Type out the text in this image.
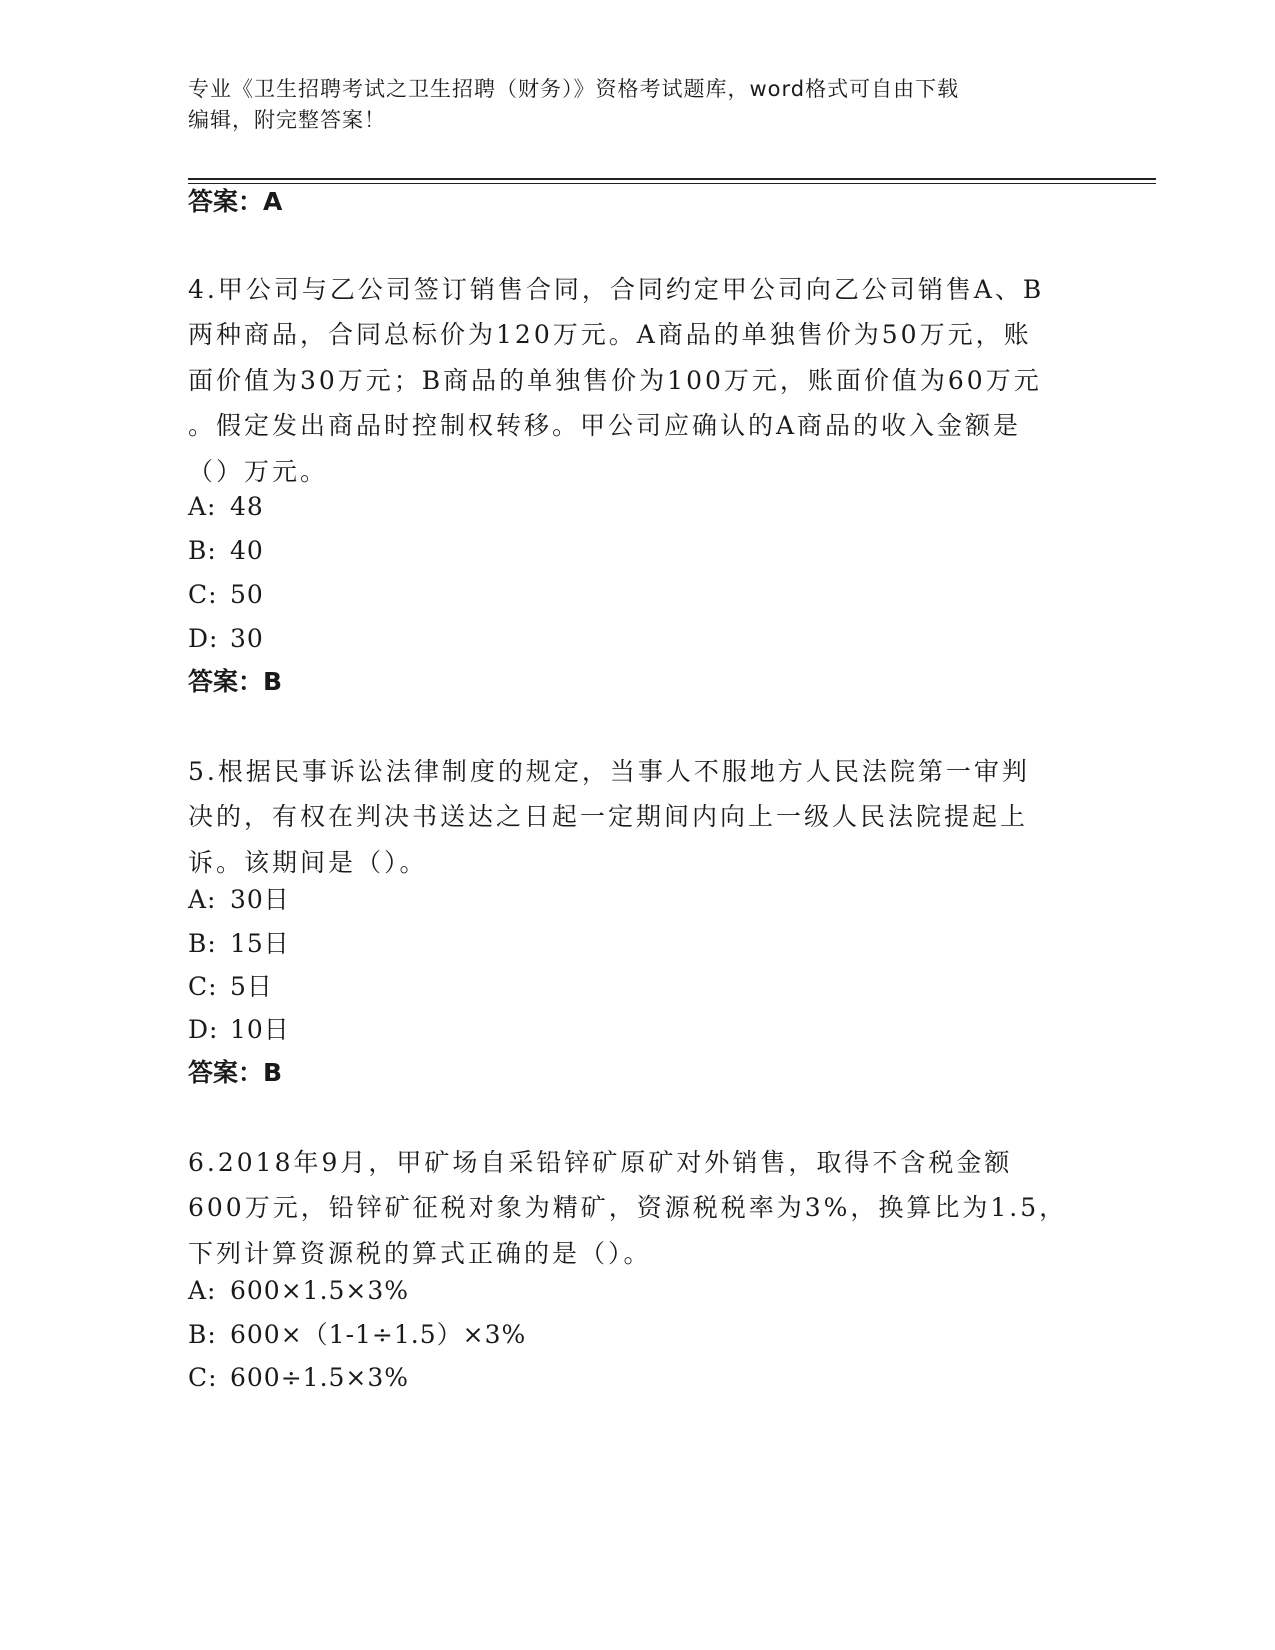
专业《卫生招聘考试之卫生招聘（财务）》资格考试题库，word格式可自由下载
编辑，附完整答案！
答案：A
4.甲公司与乙公司签订销售合同，合同约定甲公司向乙公司销售A、B
两种商品，合同总标价为120万元。A商品的单独售价为50万元，账
面价值为30万元；B商品的单独售价为100万元，账面价值为60万元
。假定发出商品时控制权转移。甲公司应确认的A商品的收入金额是
（）万元。
A: 48
B: 40
C: 50
D: 30
答案：B
5.根据民事诉讼法律制度的规定，当事人不服地方人民法院第一审判
决的，有权在判决书送达之日起一定期间内向上一级人民法院提起上
诉。该期间是（）。
A: 30日
B: 15日
C: 5日
D: 10日
答案：B
6.2018年9月，甲矿场自采铅锌矿原矿对外销售，取得不含税金额
600万元，铅锌矿征税对象为精矿，资源税税率为3%，换算比为1.5，
下列计算资源税的算式正确的是（）。
A: 600×1.5×3%
B: 600×（1-1÷1.5）×3%
C: 600÷1.5×3%
